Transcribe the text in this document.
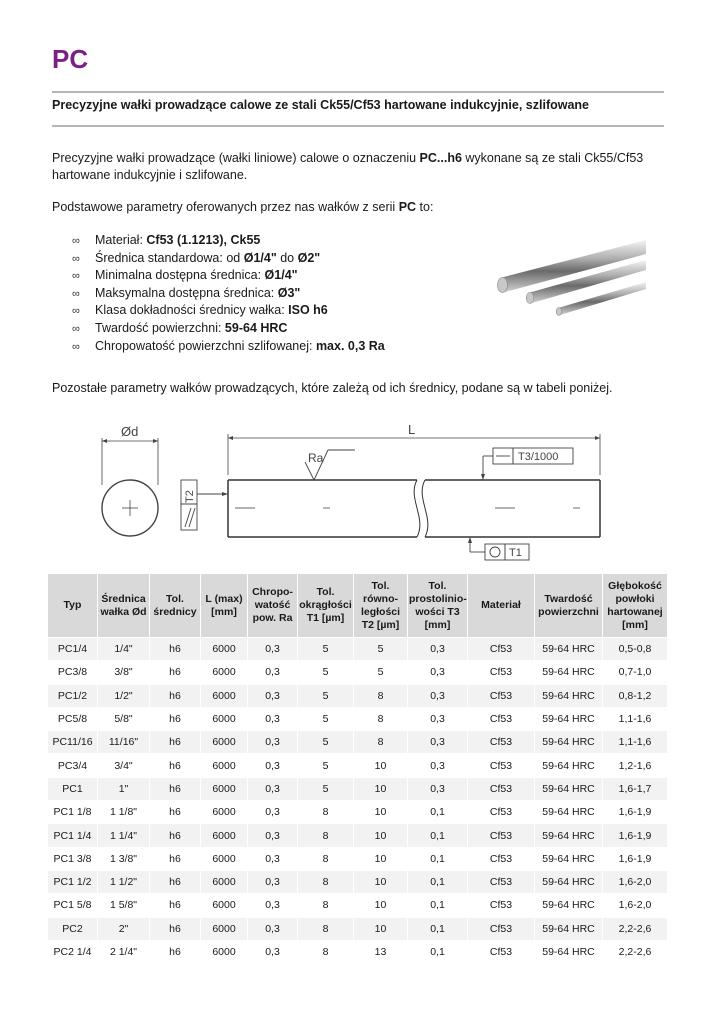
PC
Precyzyjne wałki prowadzące calowe ze stali Ck55/Cf53 hartowane indukcyjnie, szlifowane
Precyzyjne wałki prowadzące (wałki liniowe) calowe o oznaczeniu PC...h6 wykonane są ze stali Ck55/Cf53 hartowane indukcyjnie i szlifowane.
Podstawowe parametry oferowanych przez nas wałków z serii PC to:
∞ Materiał: Cf53 (1.1213), Ck55
∞ Średnica standardowa: od Ø1/4" do Ø2"
∞ Minimalna dostępna średnica: Ø1/4"
∞ Maksymalna dostępna średnica: Ø3"
∞ Klasa dokładności średnicy wałka: ISO h6
∞ Twardość powierzchni: 59-64 HRC
∞ Chropowatość powierzchni szlifowanej: max. 0,3 Ra
Pozostałe parametry wałków prowadzących, które zależą od ich średnicy, podane są w tabeli poniżej.
Ød	L
Ra	T3/1000
T2
T1
Typ	Średnica wałka Ød	Tol. średnicy	L (max) [mm]	Chropo-watość pow. Ra	Tol. okrągłości T1 [µm]	Tol. równo-ległości T2 [µm]	Tol. prostolinio-wości T3 [mm]	Materiał	Twardość powierzchni	Głębokość powłoki hartowanej [mm]
PC1/4	1/4"	h6	6000	0,3	5	5	0,3	Cf53	59-64 HRC	0,5-0,8
PC3/8	3/8"	h6	6000	0,3	5	5	0,3	Cf53	59-64 HRC	0,7-1,0
PC1/2	1/2"	h6	6000	0,3	5	8	0,3	Cf53	59-64 HRC	0,8-1,2
PC5/8	5/8"	h6	6000	0,3	5	8	0,3	Cf53	59-64 HRC	1,1-1,6
PC11/16	11/16"	h6	6000	0,3	5	8	0,3	Cf53	59-64 HRC	1,1-1,6
PC3/4	3/4"	h6	6000	0,3	5	10	0,3	Cf53	59-64 HRC	1,2-1,6
PC1	1"	h6	6000	0,3	5	10	0,3	Cf53	59-64 HRC	1,6-1,7
PC1 1/8	1 1/8"	h6	6000	0,3	8	10	0,1	Cf53	59-64 HRC	1,6-1,9
PC1 1/4	1 1/4"	h6	6000	0,3	8	10	0,1	Cf53	59-64 HRC	1,6-1,9
PC1 3/8	1 3/8"	h6	6000	0,3	8	10	0,1	Cf53	59-64 HRC	1,6-1,9
PC1 1/2	1 1/2"	h6	6000	0,3	8	10	0,1	Cf53	59-64 HRC	1,6-2,0
PC1 5/8	1 5/8"	h6	6000	0,3	8	10	0,1	Cf53	59-64 HRC	1,6-2,0
PC2	2"	h6	6000	0,3	8	10	0,1	Cf53	59-64 HRC	2,2-2,6
PC2 1/4	2 1/4"	h6	6000	0,3	8	13	0,1	Cf53	59-64 HRC	2,2-2,6
